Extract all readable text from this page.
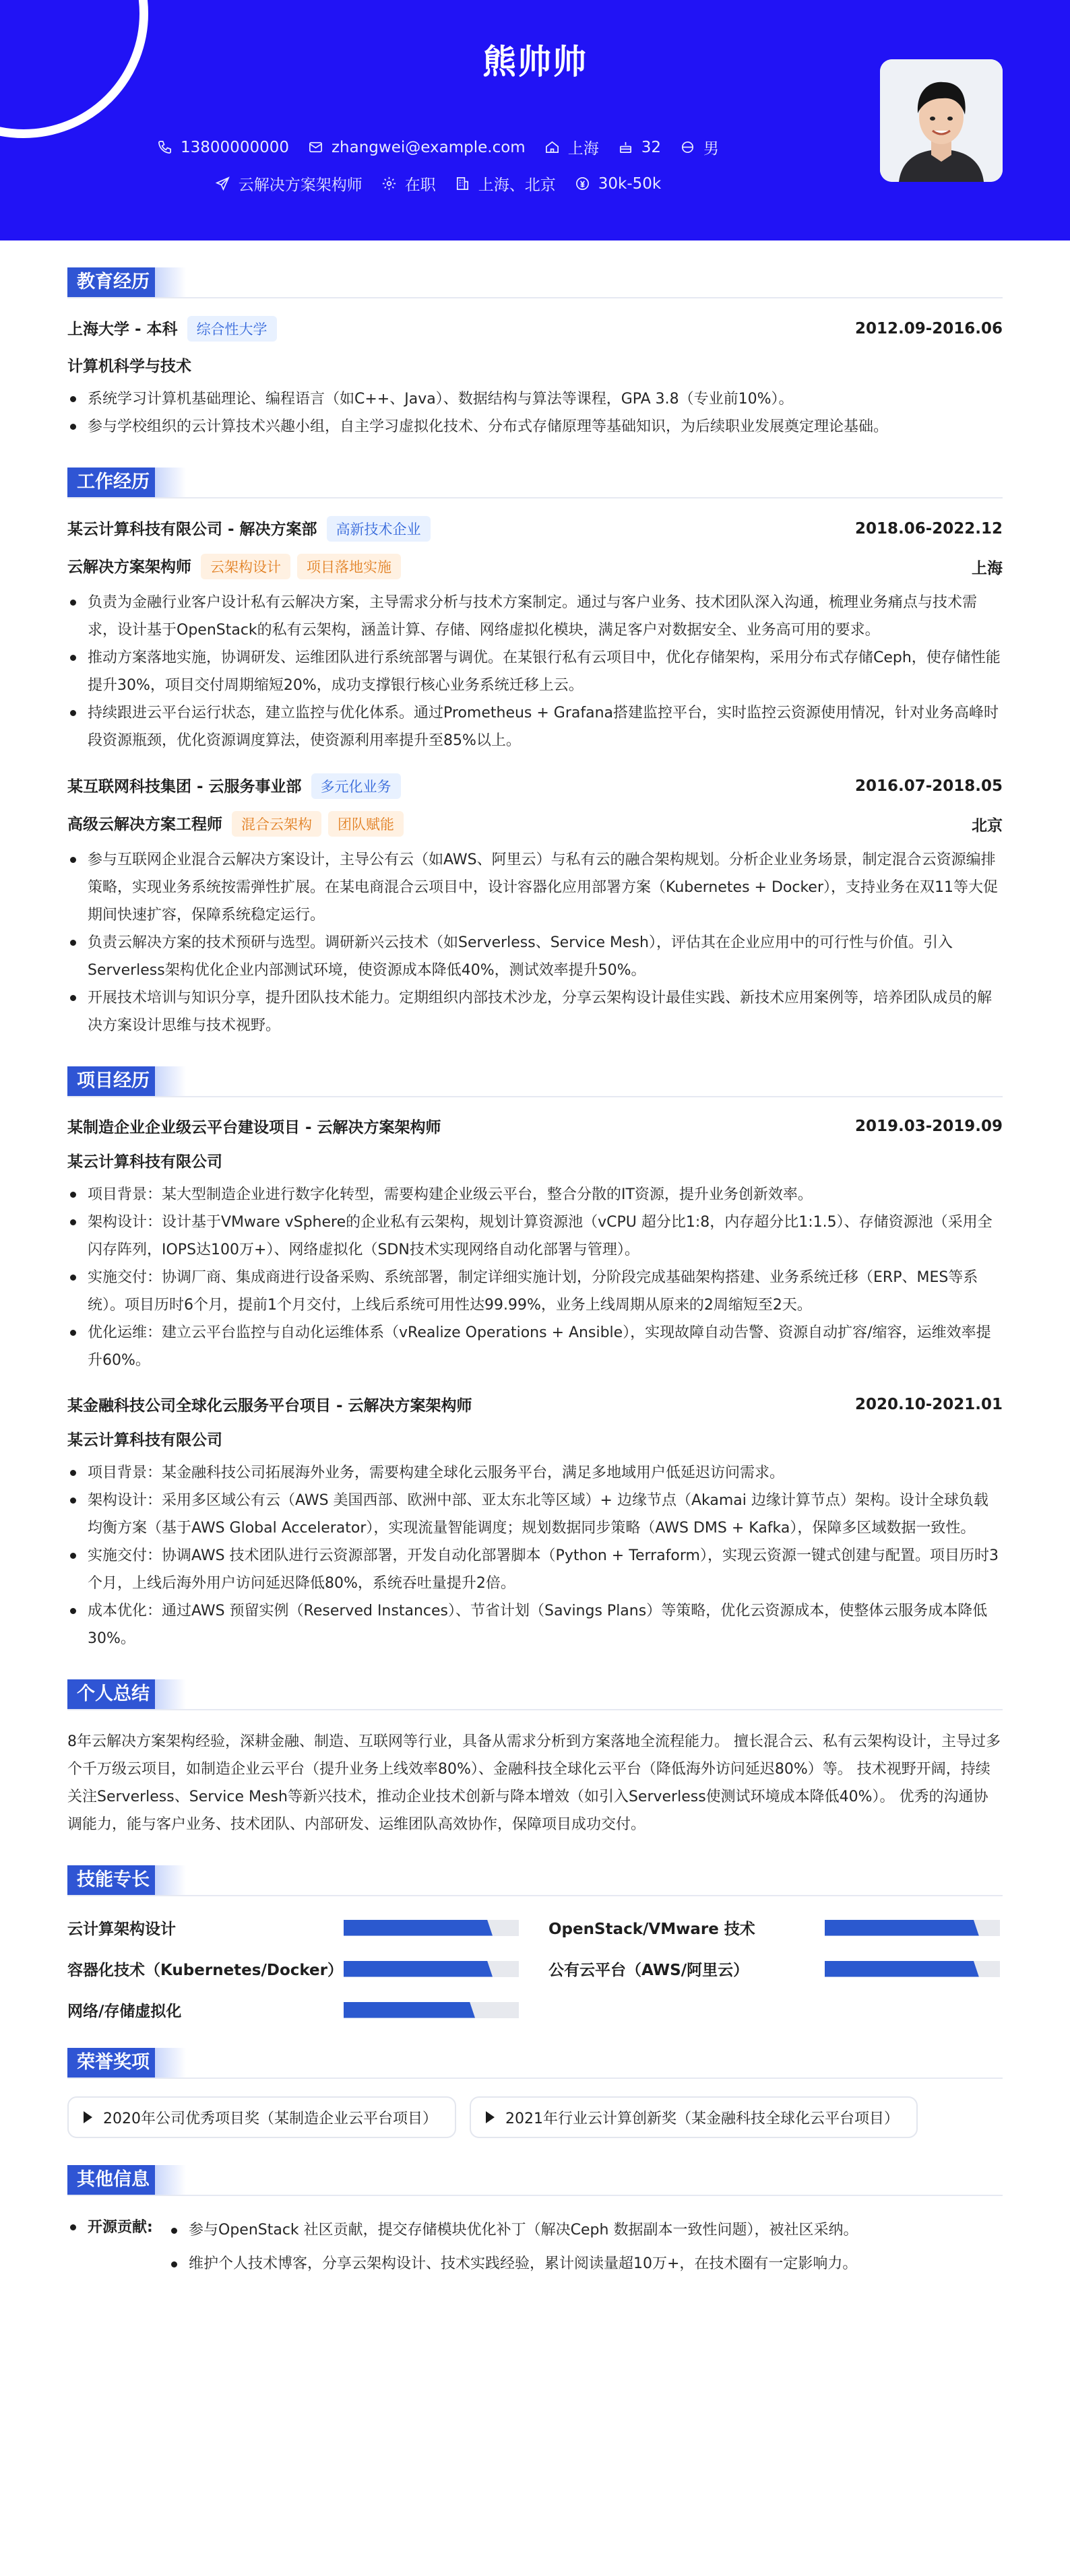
熊帅帅
13800000000	zhangwei@example.com	上海	32	男
云解决方案架构师	在职	上海、北京	30k-50k
教育经历
上海大学 - 本科 综合性大学	2012.09-2016.06
计算机科学与技术
系统学习计算机基础理论、编程语言（如C++、Java）、数据结构与算法等课程，GPA 3.8（专业前10%）。
参与学校组织的云计算技术兴趣小组，自主学习虚拟化技术、分布式存储原理等基础知识，为后续职业发展奠定理论基础。
工作经历
某云计算科技有限公司 - 解决方案部 高新技术企业	2018.06-2022.12
云解决方案架构师 云架构设计 项目落地实施	上海
负责为金融行业客户设计私有云解决方案，主导需求分析与技术方案制定。通过与客户业务、技术团队深入沟通，梳理业务痛点与技术需求，设计基于OpenStack的私有云架构，涵盖计算、存储、网络虚拟化模块，满足客户对数据安全、业务高可用的要求。
推动方案落地实施，协调研发、运维团队进行系统部署与调优。在某银行私有云项目中，优化存储架构，采用分布式存储Ceph，使存储性能提升30%，项目交付周期缩短20%，成功支撑银行核心业务系统迁移上云。
持续跟进云平台运行状态，建立监控与优化体系。通过Prometheus + Grafana搭建监控平台，实时监控云资源使用情况，针对业务高峰时段资源瓶颈，优化资源调度算法，使资源利用率提升至85%以上。
某互联网科技集团 - 云服务事业部 多元化业务	2016.07-2018.05
高级云解决方案工程师 混合云架构 团队赋能	北京
参与互联网企业混合云解决方案设计，主导公有云（如AWS、阿里云）与私有云的融合架构规划。分析企业业务场景，制定混合云资源编排策略，实现业务系统按需弹性扩展。在某电商混合云项目中，设计容器化应用部署方案（Kubernetes + Docker），支持业务在双11等大促期间快速扩容，保障系统稳定运行。
负责云解决方案的技术预研与选型。调研新兴云技术（如Serverless、Service Mesh），评估其在企业应用中的可行性与价值。引入Serverless架构优化企业内部测试环境，使资源成本降低40%，测试效率提升50%。
开展技术培训与知识分享，提升团队技术能力。定期组织内部技术沙龙，分享云架构设计最佳实践、新技术应用案例等，培养团队成员的解决方案设计思维与技术视野。
项目经历
某制造企业企业级云平台建设项目 - 云解决方案架构师	2019.03-2019.09
某云计算科技有限公司
项目背景：某大型制造企业进行数字化转型，需要构建企业级云平台，整合分散的IT资源，提升业务创新效率。
架构设计：设计基于VMware vSphere的企业私有云架构，规划计算资源池（vCPU 超分比1:8，内存超分比1:1.5）、存储资源池（采用全闪存阵列，IOPS达100万+）、网络虚拟化（SDN技术实现网络自动化部署与管理）。
实施交付：协调厂商、集成商进行设备采购、系统部署，制定详细实施计划，分阶段完成基础架构搭建、业务系统迁移（ERP、MES等系统）。项目历时6个月，提前1个月交付，上线后系统可用性达99.99%，业务上线周期从原来的2周缩短至2天。
优化运维：建立云平台监控与自动化运维体系（vRealize Operations + Ansible），实现故障自动告警、资源自动扩容/缩容，运维效率提升60%。
某金融科技公司全球化云服务平台项目 - 云解决方案架构师	2020.10-2021.01
某云计算科技有限公司
项目背景：某金融科技公司拓展海外业务，需要构建全球化云服务平台，满足多地域用户低延迟访问需求。
架构设计：采用多区域公有云（AWS 美国西部、欧洲中部、亚太东北等区域）+ 边缘节点（Akamai 边缘计算节点）架构。设计全球负载均衡方案（基于AWS Global Accelerator），实现流量智能调度；规划数据同步策略（AWS DMS + Kafka），保障多区域数据一致性。
实施交付：协调AWS 技术团队进行云资源部署，开发自动化部署脚本（Python + Terraform），实现云资源一键式创建与配置。项目历时3个月，上线后海外用户访问延迟降低80%，系统吞吐量提升2倍。
成本优化：通过AWS 预留实例（Reserved Instances）、节省计划（Savings Plans）等策略，优化云资源成本，使整体云服务成本降低30%。
个人总结

8年云解决方案架构经验，深耕金融、制造、互联网等行业，具备从需求分析到方案落地全流程能力。 擅长混合云、私有云架构设计，主导过多个千万级云项目，如制造企业云平台（提升业务上线效率80%）、金融科技全球化云平台（降低海外访问延迟80%）等。 技术视野开阔，持续关注Serverless、Service Mesh等新兴技术，推动企业技术创新与降本增效（如引入Serverless使测试环境成本降低40%）。 优秀的沟通协调能力，能与客户业务、技术团队、内部研发、运维团队高效协作，保障项目成功交付。

技能专长
云计算架构设计	OpenStack/VMware 技术
容器化技术（Kubernetes/Docker）	公有云平台（AWS/阿里云）
网络/存储虚拟化
荣誉奖项
2020年公司优秀项目奖（某制造企业云平台项目）	2021年行业云计算创新奖（某金融科技全球化云平台项目）
其他信息
开源贡献:	参与OpenStack 社区贡献，提交存储模块优化补丁（解决Ceph 数据副本一致性问题），被社区采纳。
维护个人技术博客，分享云架构设计、技术实践经验，累计阅读量超10万+，在技术圈有一定影响力。
